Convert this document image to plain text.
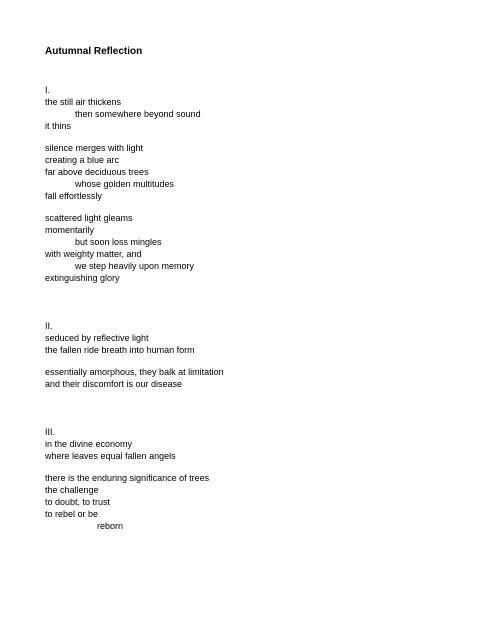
Autumnal Reflection
I.
the still air thickens
then somewhere beyond sound
it thins
silence merges with light
creating a blue arc
far above deciduous trees
whose golden multitudes
fall effortlessly
scattered light gleams
momentarily
but soon loss mingles
with weighty matter, and
we step heavily upon memory
extinguishing glory
II.
seduced by reflective light
the fallen ride breath into human form
essentially amorphous, they balk at limitation
and their discomfort is our disease
III.
in the divine economy
where leaves equal fallen angels
there is the enduring significance of trees
the challenge
to doubt, to trust
to rebel or be
reborn
